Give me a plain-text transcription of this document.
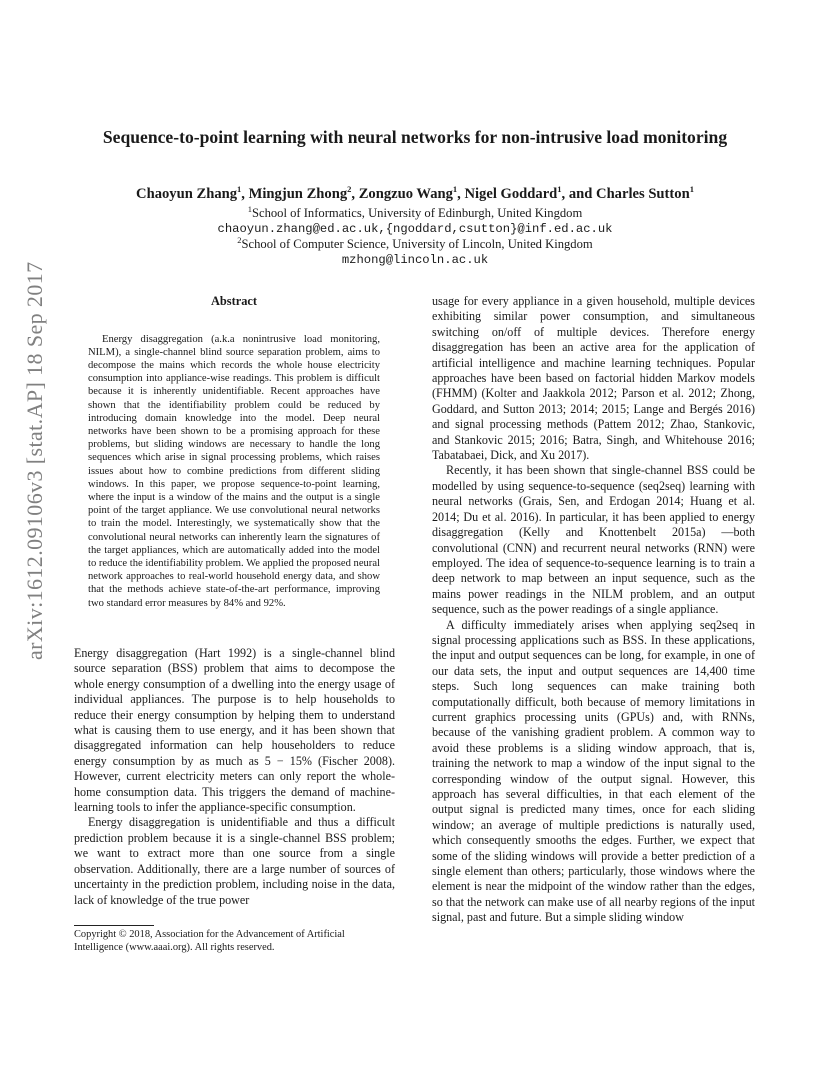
arXiv:1612.09106v3 [stat.AP] 18 Sep 2017
Sequence-to-point learning with neural networks for non-intrusive load monitoring
Chaoyun Zhang$^1$, Mingjun Zhong$^2$, Zongzuo Wang$^1$, Nigel Goddard$^1$, and Charles Sutton$^1$
$^1$School of Informatics, University of Edinburgh, United Kingdom
chaoyun.zhang@ed.ac.uk,{ngoddard,csutton}@inf.ed.ac.uk
$^2$School of Computer Science, University of Lincoln, United Kingdom
mzhong@lincoln.ac.uk
Abstract

Energy disaggregation (a.k.a nonintrusive load monitoring, NILM), a single-channel blind source separation problem, aims to decompose the mains which records the whole house electricity consumption into appliance-wise readings. This problem is difficult because it is inherently unidentifiable. Recent approaches have shown that the identifiability problem could be reduced by introducing domain knowledge into the model. Deep neural networks have been shown to be a promising approach for these problems, but sliding windows are necessary to handle the long sequences which arise in signal processing problems, which raises issues about how to combine predictions from different sliding windows. In this paper, we propose sequence-to-point learning, where the input is a window of the mains and the output is a single point of the target appliance. We use convolutional neural networks to train the model. Interestingly, we systematically show that the convolutional neural networks can inherently learn the signatures of the target appliances, which are automatically added into the model to reduce the identifiability problem. We applied the proposed neural network approaches to real-world household energy data, and show that the methods achieve state-of-the-art performance, improving two standard error measures by 84% and 92%.

Energy disaggregation (Hart 1992) is a single-channel blind source separation (BSS) problem that aims to decompose the whole energy consumption of a dwelling into the energy usage of individual appliances. The purpose is to help households to reduce their energy consumption by helping them to understand what is causing them to use energy, and it has been shown that disaggregated information can help householders to reduce energy consumption by as much as 5 − 15% (Fischer 2008). However, current electricity meters can only report the whole-home consumption data. This triggers the demand of machine-learning tools to infer the appliance-specific consumption.

Energy disaggregation is unidentifiable and thus a difficult prediction problem because it is a single-channel BSS problem; we want to extract more than one source from a single observation. Additionally, there are a large number of sources of uncertainty in the prediction problem, including noise in the data, lack of knowledge of the true power

Copyright © 2018, Association for the Advancement of Artificial Intelligence (www.aaai.org). All rights reserved.

usage for every appliance in a given household, multiple devices exhibiting similar power consumption, and simultaneous switching on/off of multiple devices. Therefore energy disaggregation has been an active area for the application of artificial intelligence and machine learning techniques. Popular approaches have been based on factorial hidden Markov models (FHMM) (Kolter and Jaakkola 2012; Parson et al. 2012; Zhong, Goddard, and Sutton 2013; 2014; 2015; Lange and Bergés 2016) and signal processing methods (Pattem 2012; Zhao, Stankovic, and Stankovic 2015; 2016; Batra, Singh, and Whitehouse 2016; Tabatabaei, Dick, and Xu 2017).

Recently, it has been shown that single-channel BSS could be modelled by using sequence-to-sequence (seq2seq) learning with neural networks (Grais, Sen, and Erdogan 2014; Huang et al. 2014; Du et al. 2016). In particular, it has been applied to energy disaggregation (Kelly and Knottenbelt 2015a) —both convolutional (CNN) and recurrent neural networks (RNN) were employed. The idea of sequence-to-sequence learning is to train a deep network to map between an input sequence, such as the mains power readings in the NILM problem, and an output sequence, such as the power readings of a single appliance.

A difficulty immediately arises when applying seq2seq in signal processing applications such as BSS. In these applications, the input and output sequences can be long, for example, in one of our data sets, the input and output sequences are 14,400 time steps. Such long sequences can make training both computationally difficult, both because of memory limitations in current graphics processing units (GPUs) and, with RNNs, because of the vanishing gradient problem. A common way to avoid these problems is a sliding window approach, that is, training the network to map a window of the input signal to the corresponding window of the output signal. However, this approach has several difficulties, in that each element of the output signal is predicted many times, once for each sliding window; an average of multiple predictions is naturally used, which consequently smooths the edges. Further, we expect that some of the sliding windows will provide a better prediction of a single element than others; particularly, those windows where the element is near the midpoint of the window rather than the edges, so that the network can make use of all nearby regions of the input signal, past and future. But a simple sliding window
